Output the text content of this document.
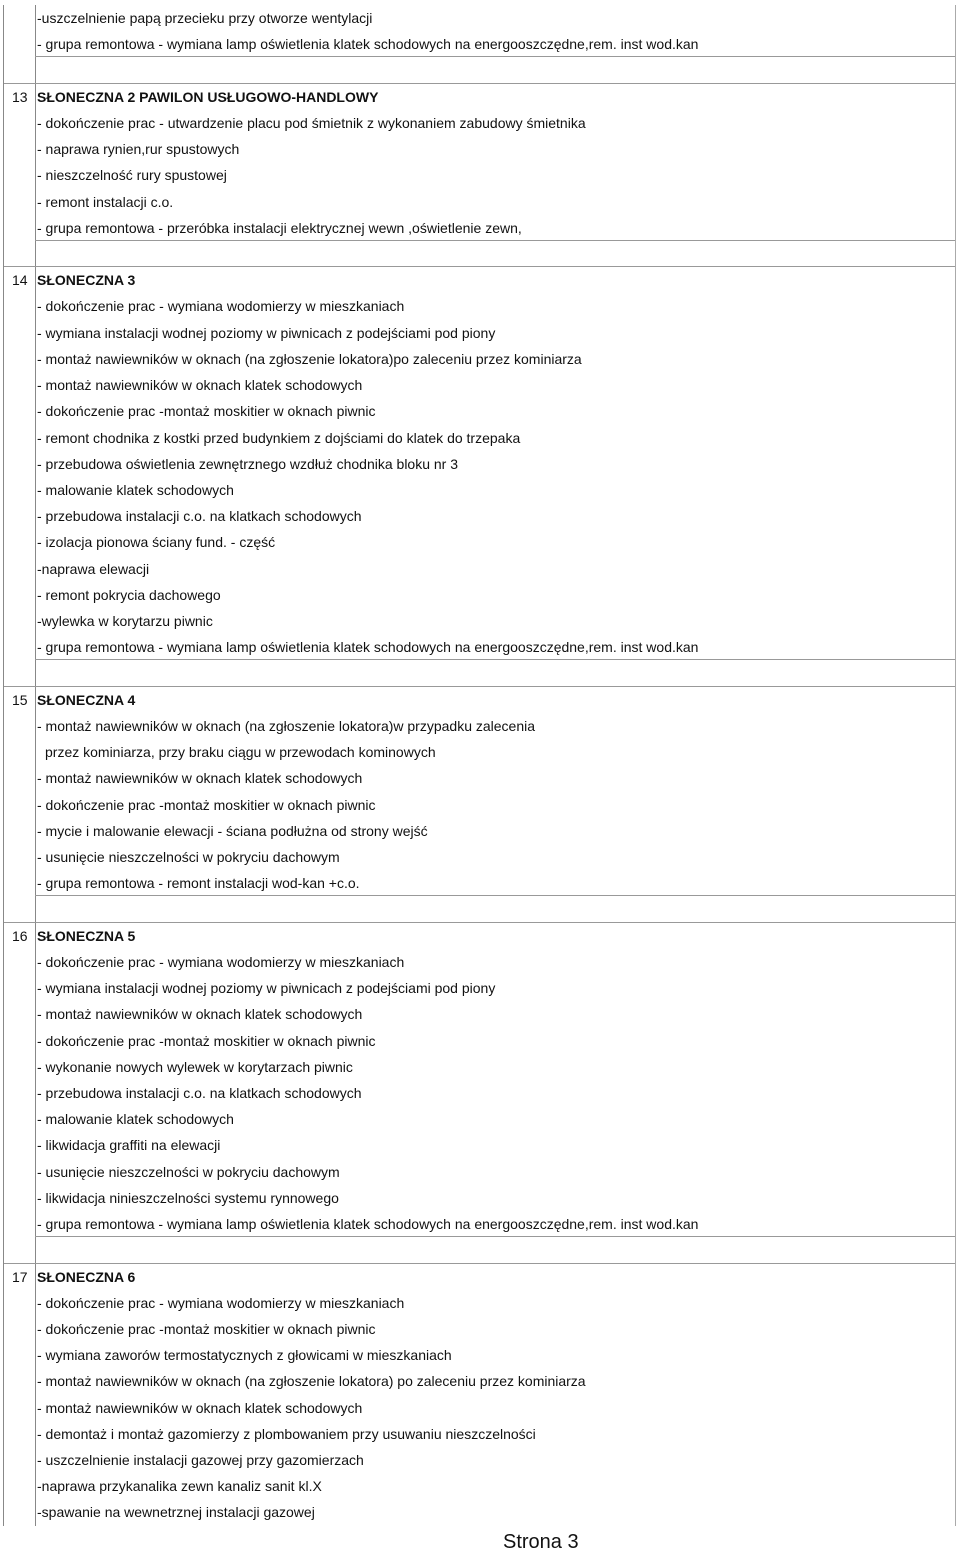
-uszczelnienie papą przecieku przy otworze wentylacji
- grupa remontowa - wymiana lamp oświetlenia klatek schodowych na energooszczędne,rem. inst wod.kan
13 SŁONECZNA 2 PAWILON USŁUGOWO-HANDLOWY
- dokończenie prac - utwardzenie placu pod śmietnik z wykonaniem zabudowy śmietnika
- naprawa rynien,rur spustowych
- nieszczelność rury spustowej
- remont instalacji c.o.
- grupa remontowa - przeróbka instalacji elektrycznej wewn ,oświetlenie zewn,
14 SŁONECZNA 3
- dokończenie prac - wymiana wodomierzy w mieszkaniach
- wymiana instalacji wodnej poziomy w piwnicach z podejściami pod piony
- montaż nawiewników w oknach (na zgłoszenie lokatora)po zaleceniu przez kominiarza
- montaż nawiewników w oknach klatek schodowych
- dokończenie prac -montaż moskitier w oknach piwnic
- remont chodnika z kostki przed budynkiem z dojściami do klatek do trzepaka
- przebudowa oświetlenia zewnętrznego wzdłuż chodnika bloku nr 3
- malowanie klatek schodowych
- przebudowa instalacji c.o. na klatkach schodowych
- izolacja pionowa ściany fund. - część
-naprawa elewacji
- remont pokrycia dachowego
-wylewka w korytarzu piwnic
- grupa remontowa - wymiana lamp oświetlenia klatek schodowych na energooszczędne,rem. inst wod.kan
15 SŁONECZNA 4
- montaż nawiewników w oknach (na zgłoszenie lokatora)w przypadku zalecenia
przez kominiarza, przy braku ciągu w przewodach kominowych
- montaż nawiewników w oknach klatek schodowych
- dokończenie prac -montaż moskitier w oknach piwnic
- mycie i malowanie elewacji - ściana podłużna od strony wejść
- usunięcie nieszczelności w pokryciu dachowym
- grupa remontowa - remont instalacji wod-kan +c.o.
16 SŁONECZNA 5
- dokończenie prac - wymiana wodomierzy w mieszkaniach
- wymiana instalacji wodnej poziomy w piwnicach z podejściami pod piony
- montaż nawiewników w oknach klatek schodowych
- dokończenie prac -montaż moskitier w oknach piwnic
- wykonanie nowych wylewek w korytarzach piwnic
- przebudowa instalacji c.o. na klatkach schodowych
- malowanie klatek schodowych
- likwidacja graffiti na elewacji
- usunięcie nieszczelności w pokryciu dachowym
- likwidacja ninieszczelności systemu rynnowego
- grupa remontowa - wymiana lamp oświetlenia klatek schodowych na energooszczędne,rem. inst wod.kan
17 SŁONECZNA 6
- dokończenie prac - wymiana wodomierzy w mieszkaniach
- dokończenie prac -montaż moskitier w oknach piwnic
- wymiana zaworów termostatycznych z głowicami w mieszkaniach
- montaż nawiewników w oknach (na zgłoszenie lokatora) po zaleceniu przez kominiarza
- montaż nawiewników w oknach klatek schodowych
- demontaż i montaż gazomierzy z plombowaniem przy usuwaniu nieszczelności
- uszczelnienie instalacji gazowej przy gazomierzach
-naprawa przykanalika zewn kanaliz sanit kl.X
-spawanie na wewnetrznej instalacji gazowej
Strona 3
